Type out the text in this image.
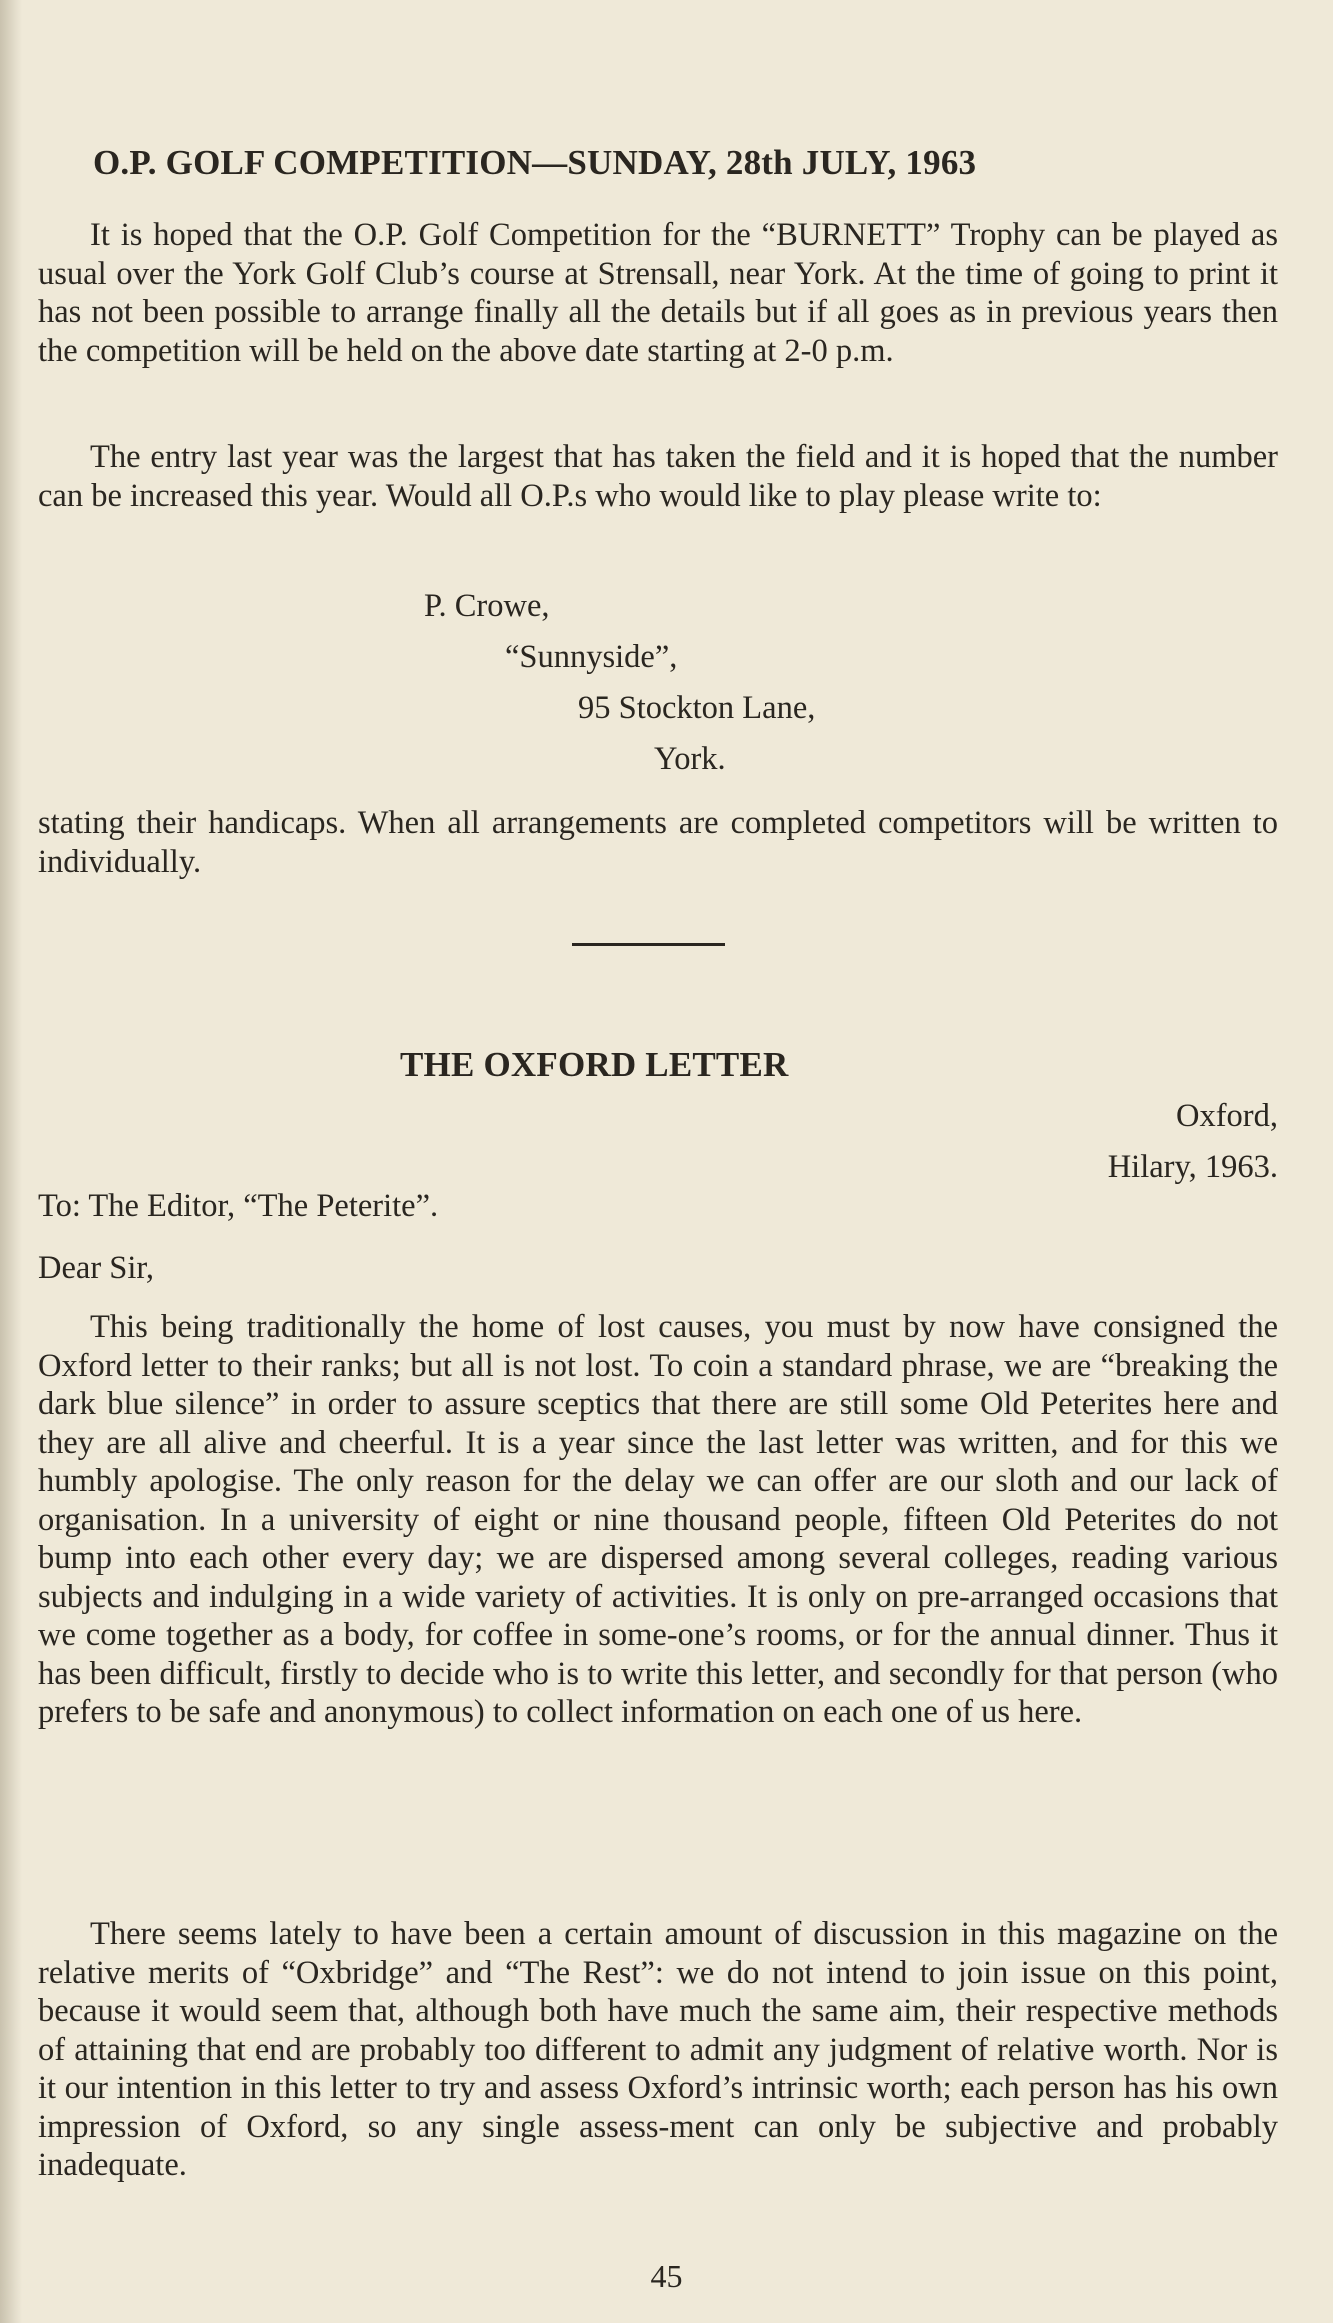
O.P. GOLF COMPETITION—SUNDAY, 28th JULY, 1963

It is hoped that the O.P. Golf Competition for the “BURNETT” Trophy can be played as usual over the York Golf Club’s course at Strensall, near York. At the time of going to print it has not been possible to arrange finally all the details but if all goes as in previous years then the competition will be held on the above date starting at 2-0 p.m.

The entry last year was the largest that has taken the field and it is hoped that the number can be increased this year. Would all O.P.s who would like to play please write to:

P. Crowe,

“Sunnyside”,

95 Stockton Lane,

York.

stating their handicaps. When all arrangements are completed competitors will be written to individually.

THE OXFORD LETTER

Oxford,

Hilary, 1963.

To: The Editor, “The Peterite”.

Dear Sir,

This being traditionally the home of lost causes, you must by now have consigned the Oxford letter to their ranks; but all is not lost. To coin a standard phrase, we are “breaking the dark blue silence” in order to assure sceptics that there are still some Old Peterites here and they are all alive and cheerful. It is a year since the last letter was written, and for this we humbly apologise. The only reason for the delay we can offer are our sloth and our lack of organisation. In a university of eight or nine thousand people, fifteen Old Peterites do not bump into each other every day; we are dispersed among several colleges, reading various subjects and indulging in a wide variety of activities. It is only on pre-arranged occasions that we come together as a body, for coffee in some-one’s rooms, or for the annual dinner. Thus it has been difficult, firstly to decide who is to write this letter, and secondly for that person (who prefers to be safe and anonymous) to collect information on each one of us here.

There seems lately to have been a certain amount of discussion in this magazine on the relative merits of “Oxbridge” and “The Rest”: we do not intend to join issue on this point, because it would seem that, although both have much the same aim, their respective methods of attaining that end are probably too different to admit any judgment of relative worth. Nor is it our intention in this letter to try and assess Oxford’s intrinsic worth; each person has his own impression of Oxford, so any single assess-ment can only be subjective and probably inadequate.

45
